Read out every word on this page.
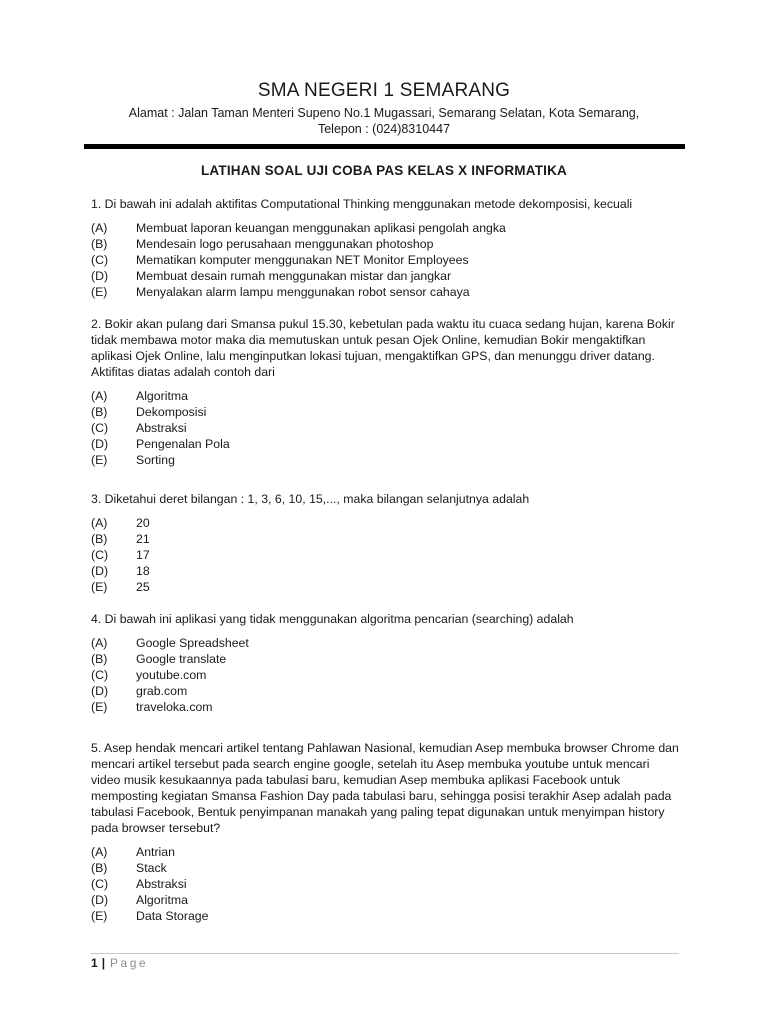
SMA NEGERI 1 SEMARANG
Alamat : Jalan Taman Menteri Supeno No.1 Mugassari, Semarang Selatan, Kota Semarang,
Telepon : (024)8310447
LATIHAN SOAL UJI COBA PAS KELAS X INFORMATIKA
1. Di bawah ini adalah aktifitas Computational Thinking menggunakan metode dekomposisi, kecuali
(A)	Membuat laporan keuangan menggunakan aplikasi pengolah angka
(B)	Mendesain logo perusahaan menggunakan photoshop
(C)	Mematikan komputer menggunakan NET Monitor Employees
(D)	Membuat desain rumah menggunakan mistar dan jangkar
(E)	Menyalakan alarm lampu menggunakan robot sensor cahaya
2. Bokir akan pulang dari Smansa pukul 15.30, kebetulan pada waktu itu cuaca sedang hujan, karena Bokir tidak membawa motor maka dia memutuskan untuk pesan Ojek Online, kemudian Bokir mengaktifkan aplikasi Ojek Online, lalu menginputkan lokasi tujuan, mengaktifkan GPS, dan menunggu driver datang. Aktifitas diatas adalah contoh dari
(A)	Algoritma
(B)	Dekomposisi
(C)	Abstraksi
(D)	Pengenalan Pola
(E)	Sorting
3. Diketahui deret bilangan : 1, 3, 6, 10, 15,..., maka bilangan selanjutnya adalah
(A)	20
(B)	21
(C)	17
(D)	18
(E)	25
4. Di bawah ini aplikasi yang tidak menggunakan algoritma pencarian (searching) adalah
(A)	Google Spreadsheet
(B)	Google translate
(C)	youtube.com
(D)	grab.com
(E)	traveloka.com
5. Asep hendak mencari artikel tentang Pahlawan Nasional, kemudian Asep membuka browser Chrome dan mencari artikel tersebut pada search engine google, setelah itu Asep membuka youtube untuk mencari video musik kesukaannya pada tabulasi baru, kemudian Asep membuka aplikasi Facebook untuk memposting kegiatan Smansa Fashion Day pada tabulasi baru, sehingga posisi terakhir Asep adalah pada tabulasi Facebook, Bentuk penyimpanan manakah yang paling tepat digunakan untuk menyimpan history pada browser tersebut?
(A)	Antrian
(B)	Stack
(C)	Abstraksi
(D)	Algoritma
(E)	Data Storage
1 | Page
